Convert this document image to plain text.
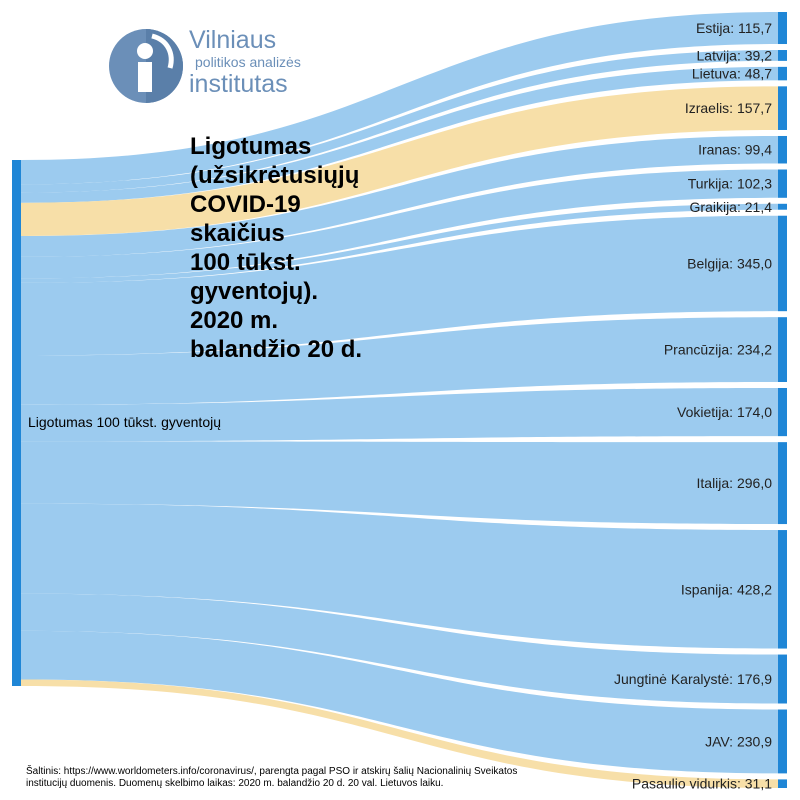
Estija: 115,7
Latvija: 39,2
Lietuva: 48,7
Izraelis: 157,7
Iranas: 99,4
Turkija: 102,3
Graikija: 21,4
Belgija: 345,0
Prancūzija: 234,2
Vokietija: 174,0
Italija: 296,0
Ispanija: 428,2
Jungtinė Karalystė: 176,9
JAV: 230,9
Pasaulio vidurkis: 31,1
Vilniaus
politikos analizės
institutas
Ligotumas
(užsikrėtusiųjų
COVID-19
skaičius
100 tūkst.
gyventojų).
2020 m.
balandžio 20 d.
Ligotumas 100 tūkst. gyventojų
Šaltinis: https://www.worldometers.info/coronavirus/, parengta pagal PSO ir atskirų šalių Nacionalinių Sveikatos institucijų duomenis. Duomenų skelbimo laikas: 2020 m. balandžio 20 d. 20 val. Lietuvos laiku.
